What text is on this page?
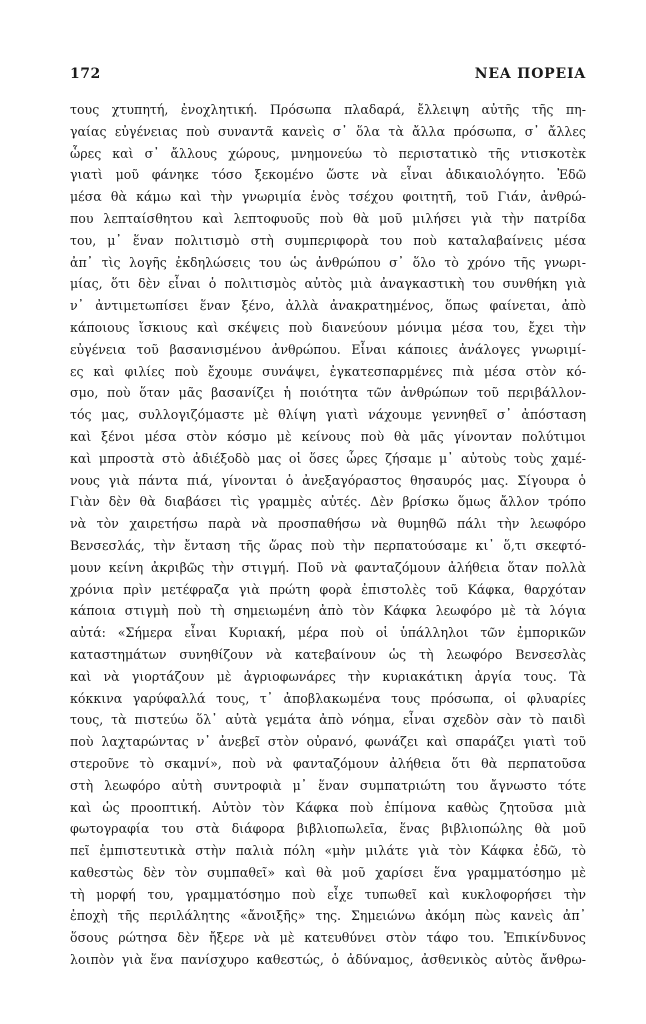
172	ΝΕΑ ΠΟΡΕΙΑ
τους χτυπητή, ἐνοχλητική. Πρόσωπα πλαδαρά, ἔλλειψη αὐτῆς τῆς πη-
γαίας εὐγένειας ποὺ συναντᾶ κανεὶς σ᾽ ὅλα τὰ ἄλλα πρόσωπα, σ᾽ ἄλλες
ὧρες καὶ σ᾽ ἄλλους χώρους, μνημονεύω τὸ περιστατικὸ τῆς ντισκοτὲκ
γιατὶ μοῦ φάνηκε τόσο ξεκομένο ὥστε νὰ εἶναι ἀδικαιολόγητο. Ἐδῶ
μέσα θὰ κάμω καὶ τὴν γνωριμία ἑνὸς τσέχου φοιτητῆ, τοῦ Γιάν, ἀνθρώ-
που λεπταίσθητου καὶ λεπτοφυοῦς ποὺ θὰ μοῦ μιλήσει γιὰ τὴν πατρίδα
του, μ᾽ ἕναν πολιτισμὸ στὴ συμπεριφορὰ του ποὺ καταλαβαίνεις μέσα
ἀπ᾽ τὶς λογῆς ἐκδηλώσεις του ὡς ἀνθρώπου σ᾽ ὅλο τὸ χρόνο τῆς γνωρι-
μίας, ὅτι δὲν εἶναι ὁ πολιτισμὸς αὐτὸς μιὰ ἀναγκαστικὴ του συνθήκη γιὰ
ν᾽ ἀντιμετωπίσει ἕναν ξένο, ἀλλὰ ἀνακρατημένος, ὅπως φαίνεται, ἀπὸ
κάποιους ἴσκιους καὶ σκέψεις ποὺ διανεύουν μόνιμα μέσα του, ἔχει τὴν
εὐγένεια τοῦ βασανισμένου ἀνθρώπου. Εἶναι κάποιες ἀνάλογες γνωριμί-
ες καὶ φιλίες ποὺ ἔχουμε συνάψει, ἐγκατεσπαρμένες πιὰ μέσα στὸν κό-
σμο, ποὺ ὅταν μᾶς βασανίζει ἡ ποιότητα τῶν ἀνθρώπων τοῦ περιβάλλον-
τός μας, συλλογιζόμαστε μὲ θλίψη γιατὶ νάχουμε γεννηθεῖ σ᾽ ἀπόσταση
καὶ ξένοι μέσα στὸν κόσμο μὲ κείνους ποὺ θὰ μᾶς γίνονταν πολύτιμοι
καὶ μπροστὰ στὸ ἀδιέξοδὸ μας οἱ ὅσες ὧρες ζήσαμε μ᾽ αὐτοὺς τοὺς χαμέ-
νους γιὰ πάντα πιά, γίνονται ὁ ἀνεξαγόραστος θησαυρός μας. Σίγουρα ὁ
Γιὰν δὲν θὰ διαβάσει τὶς γραμμὲς αὐτές. Δὲν βρίσκω ὅμως ἄλλον τρόπο
νὰ τὸν χαιρετήσω παρὰ νὰ προσπαθήσω νὰ θυμηθῶ πάλι τὴν λεωφόρο
Βενσεσλάς, τὴν ἔνταση τῆς ὥρας ποὺ τὴν περπατούσαμε κι᾽ ὅ,τι σκεφτό-
μουν κείνη ἀκριβῶς τὴν στιγμή. Ποῦ νὰ φανταζόμουν ἀλήθεια ὅταν πολλὰ
χρόνια πρὶν μετέφραζα γιὰ πρώτη φορὰ ἐπιστολὲς τοῦ Κάφκα, θαρχόταν
κάποια στιγμὴ ποὺ τὴ σημειωμένη ἀπὸ τὸν Κάφκα λεωφόρο μὲ τὰ λόγια
αὐτά: «Σήμερα εἶναι Κυριακή, μέρα ποὺ οἱ ὑπάλληλοι τῶν ἐμπορικῶν
καταστημάτων συνηθίζουν νὰ κατεβαίνουν ὡς τὴ λεωφόρο Βενσεσλὰς
καὶ νὰ γιορτάζουν μὲ ἀγριοφωνάρες τὴν κυριακάτικη ἀργία τους. Τὰ
κόκκινα γαρύφαλλά τους, τ᾽ ἀποβλακωμένα τους πρόσωπα, οἱ φλυαρίες
τους, τὰ πιστεύω ὅλ᾽ αὐτὰ γεμάτα ἀπὸ νόημα, εἶναι σχεδὸν σὰν τὸ παιδὶ
ποὺ λαχταρώντας ν᾽ ἀνεβεῖ στὸν οὐρανό, φωνάζει καὶ σπαράζει γιατὶ τοῦ
στεροῦνε τὸ σκαμνί», ποὺ νὰ φανταζόμουν ἀλήθεια ὅτι θὰ περπατοῦσα
στὴ λεωφόρο αὐτὴ συντροφιὰ μ᾽ ἕναν συμπατριώτη του ἄγνωστο τότε
καὶ ὡς προοπτική. Αὐτὸν τὸν Κάφκα ποὺ ἐπίμονα καθὼς ζητοῦσα μιὰ
φωτογραφία του στὰ διάφορα βιβλιοπωλεῖα, ἕνας βιβλιοπώλης θὰ μοῦ
πεῖ ἐμπιστευτικὰ στὴν παλιὰ πόλη «μὴν μιλάτε γιὰ τὸν Κάφκα ἐδῶ, τὸ
καθεστὼς δὲν τὸν συμπαθεῖ» καὶ θὰ μοῦ χαρίσει ἕνα γραμματόσημο μὲ
τὴ μορφή του, γραμματόσημο ποὺ εἶχε τυπωθεῖ καὶ κυκλοφορήσει τὴν
ἐποχὴ τῆς περιλάλητης «ἄνοιξῆς» της. Σημειώνω ἀκόμη πὼς κανεὶς ἀπ᾽
ὅσους ρώτησα δὲν ἤξερε νὰ μὲ κατευθύνει στὸν τάφο του. Ἐπικίνδυνος
λοιπὸν γιὰ ἕνα πανίσχυρο καθεστώς, ὁ ἀδύναμος, ἀσθενικὸς αὐτὸς ἄνθρω-
